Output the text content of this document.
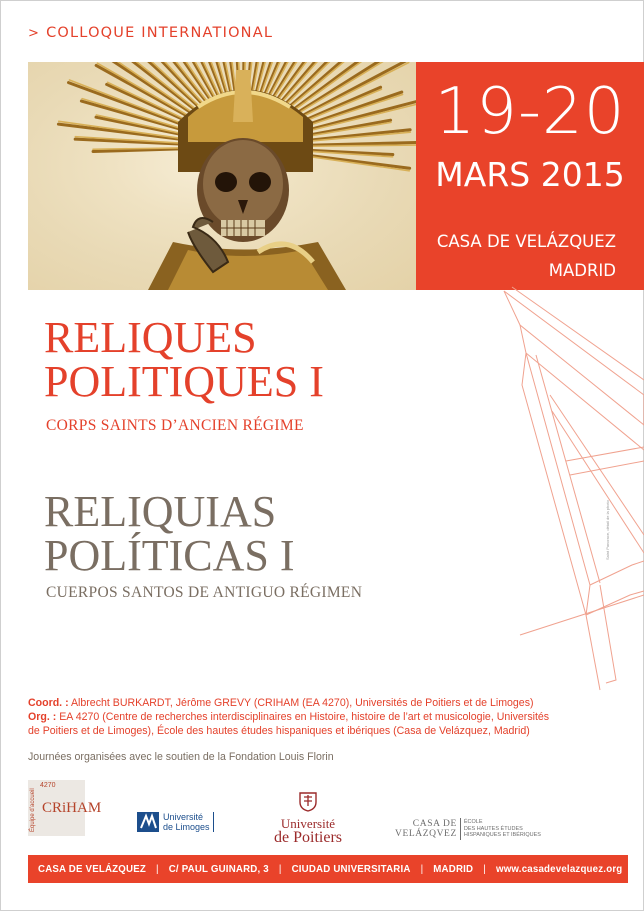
> COLLOQUE INTERNATIONAL
19-20
MARS 2015
CASA DE VELÁZQUEZ
MADRID
Saint Pancrace, détail de la photo
RELIQUES
POLITIQUES I
CORPS SAINTS D’ANCIEN RÉGIME
RELIQUIAS
POLÍTICAS I
CUERPOS SANTOS DE ANTIGUO RÉGIMEN
Coord. : Albrecht BURKARDT, Jérôme GREVY (CRIHAM (EA 4270), Universités de Poitiers et de Limoges)
Org. : EA 4270 (Centre de recherches interdisciplinaires en Histoire, histoire de l’art et musicologie, Universités
de Poitiers et de Limoges), École des hautes études hispaniques et ibériques (Casa de Velázquez, Madrid)
Journées organisées avec le soutien de la Fondation Louis Florin
4270
Équipe d’accueil CRiHAM
Université
de Limoges	Université
de Poitiers
CASA DE
VELÁZQVEZ
ÉCOLE
DES HAUTES ÉTUDES
HISPANIQUES ET IBÉRIQUES
CASA DE VELÁZQUEZ | C/ PAUL GUINARD, 3 | CIUDAD UNIVERSITARIA | MADRID | www.casadevelazquez.org
